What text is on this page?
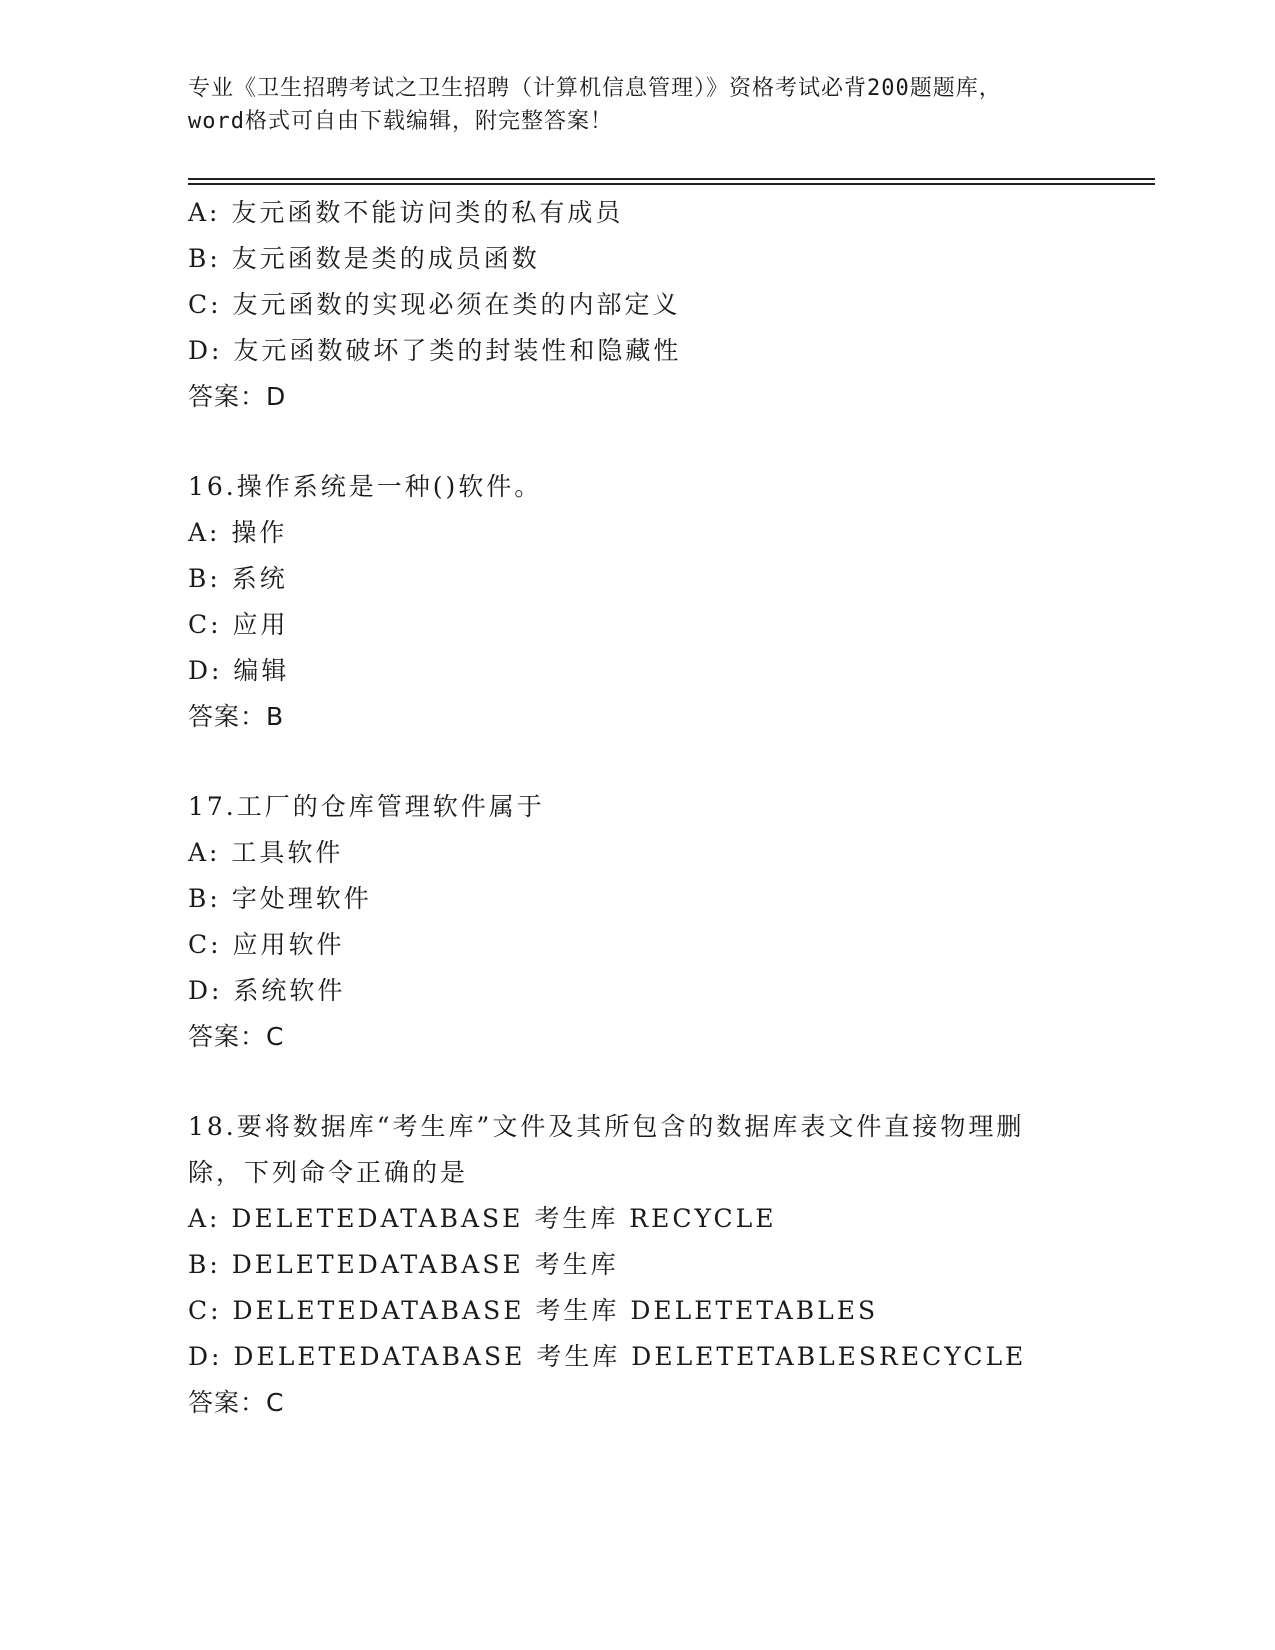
专业《卫生招聘考试之卫生招聘（计算机信息管理）》资格考试必背200题题库，
word格式可自由下载编辑，附完整答案！
A: 友元函数不能访问类的私有成员
B: 友元函数是类的成员函数
C: 友元函数的实现必须在类的内部定义
D: 友元函数破坏了类的封装性和隐藏性
答案：D
16.操作系统是一种()软件。
A: 操作
B: 系统
C: 应用
D: 编辑
答案：B
17.工厂的仓库管理软件属于
A: 工具软件
B: 字处理软件
C: 应用软件
D: 系统软件
答案：C
18.要将数据库“考生库”文件及其所包含的数据库表文件直接物理删
除，下列命令正确的是
A: DELETEDATABASE 考生库 RECYCLE
B: DELETEDATABASE 考生库
C: DELETEDATABASE 考生库 DELETETABLES
D: DELETEDATABASE 考生库 DELETETABLESRECYCLE
答案：C
